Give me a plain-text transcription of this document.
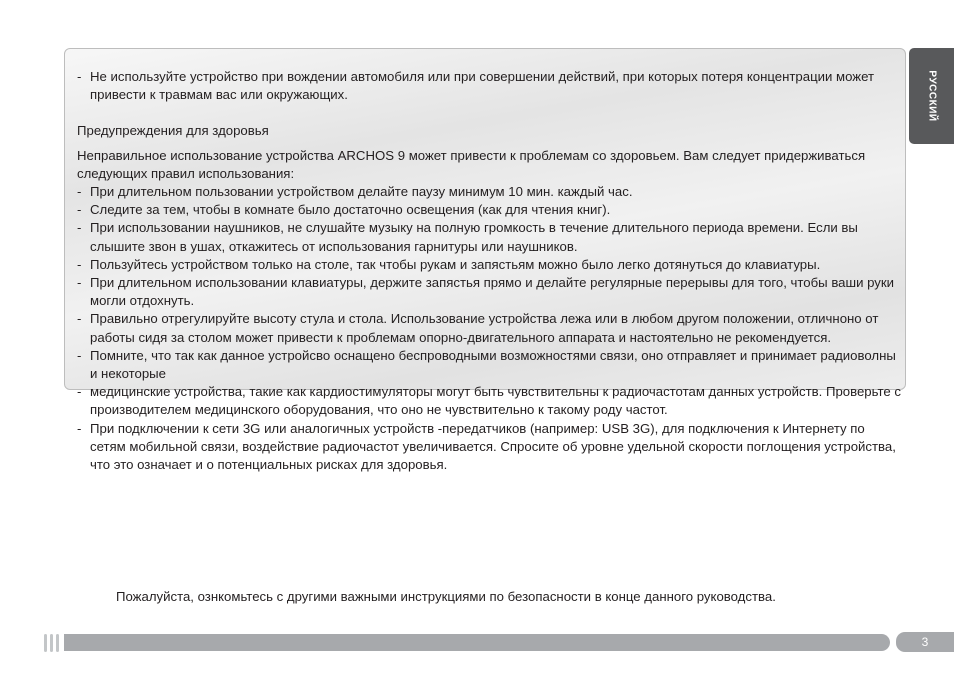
РУССКИЙ

- Не используйте устройство при вождении автомобиля или при совершении действий, при которых потеря концентрации может привести к травмам вас или окружающих.

Предупреждения для здоровья

Неправильное использование устройства ARCHOS 9 может привести к проблемам со здоровьем. Вам следует придерживаться следующих правил использования:

- При длительном пользовании устройством делайте паузу минимум 10 мин. каждый час.

- Следите за тем, чтобы в комнате было достаточно освещения (как для чтения книг).

- При использовании наушников, не слушайте музыку на полную громкость в течение длительного периода времени. Если вы слышите звон в ушах, откажитесь от использования гарнитуры или наушников.

- Пользуйтесь устройством только на столе, так чтобы рукам и запястьям можно было легко дотянуться до клавиатуры.

- При длительном использовании клавиатуры, держите запястья прямо и делайте регулярные перерывы для того, чтобы ваши руки могли отдохнуть.

- Правильно отрегулируйте высоту стула и стола. Использование устройства лежа или в любом другом положении, отличноно от работы сидя за столом может привести к проблемам опорно-двигательного аппарата и настоятельно не рекомендуется.

- Помните, что так как данное устройсво оснащено беспроводными возможностями связи, оно отправляет и принимает радиоволны и некоторые

- медицинские устройства, такие как кардиостимуляторы могут быть чувствительны к радиочастотам данных устройств. Проверьте с производителем медицинского оборудования, что оно не чувствительно к такому роду частот.

- При подключении к сети 3G или аналогичных устройств -передатчиков (например: USB 3G), для подключения к Интернету по сетям мобильной связи, воздействие радиочастот увеличивается. Спросите об уровне удельной скорости поглощения устройства, что это означает и о потенциальных рисках для здоровья.

Пожалуйста, ознкомьтесь с другими важными инструкциями по безопасности в конце данного руководства.

3
